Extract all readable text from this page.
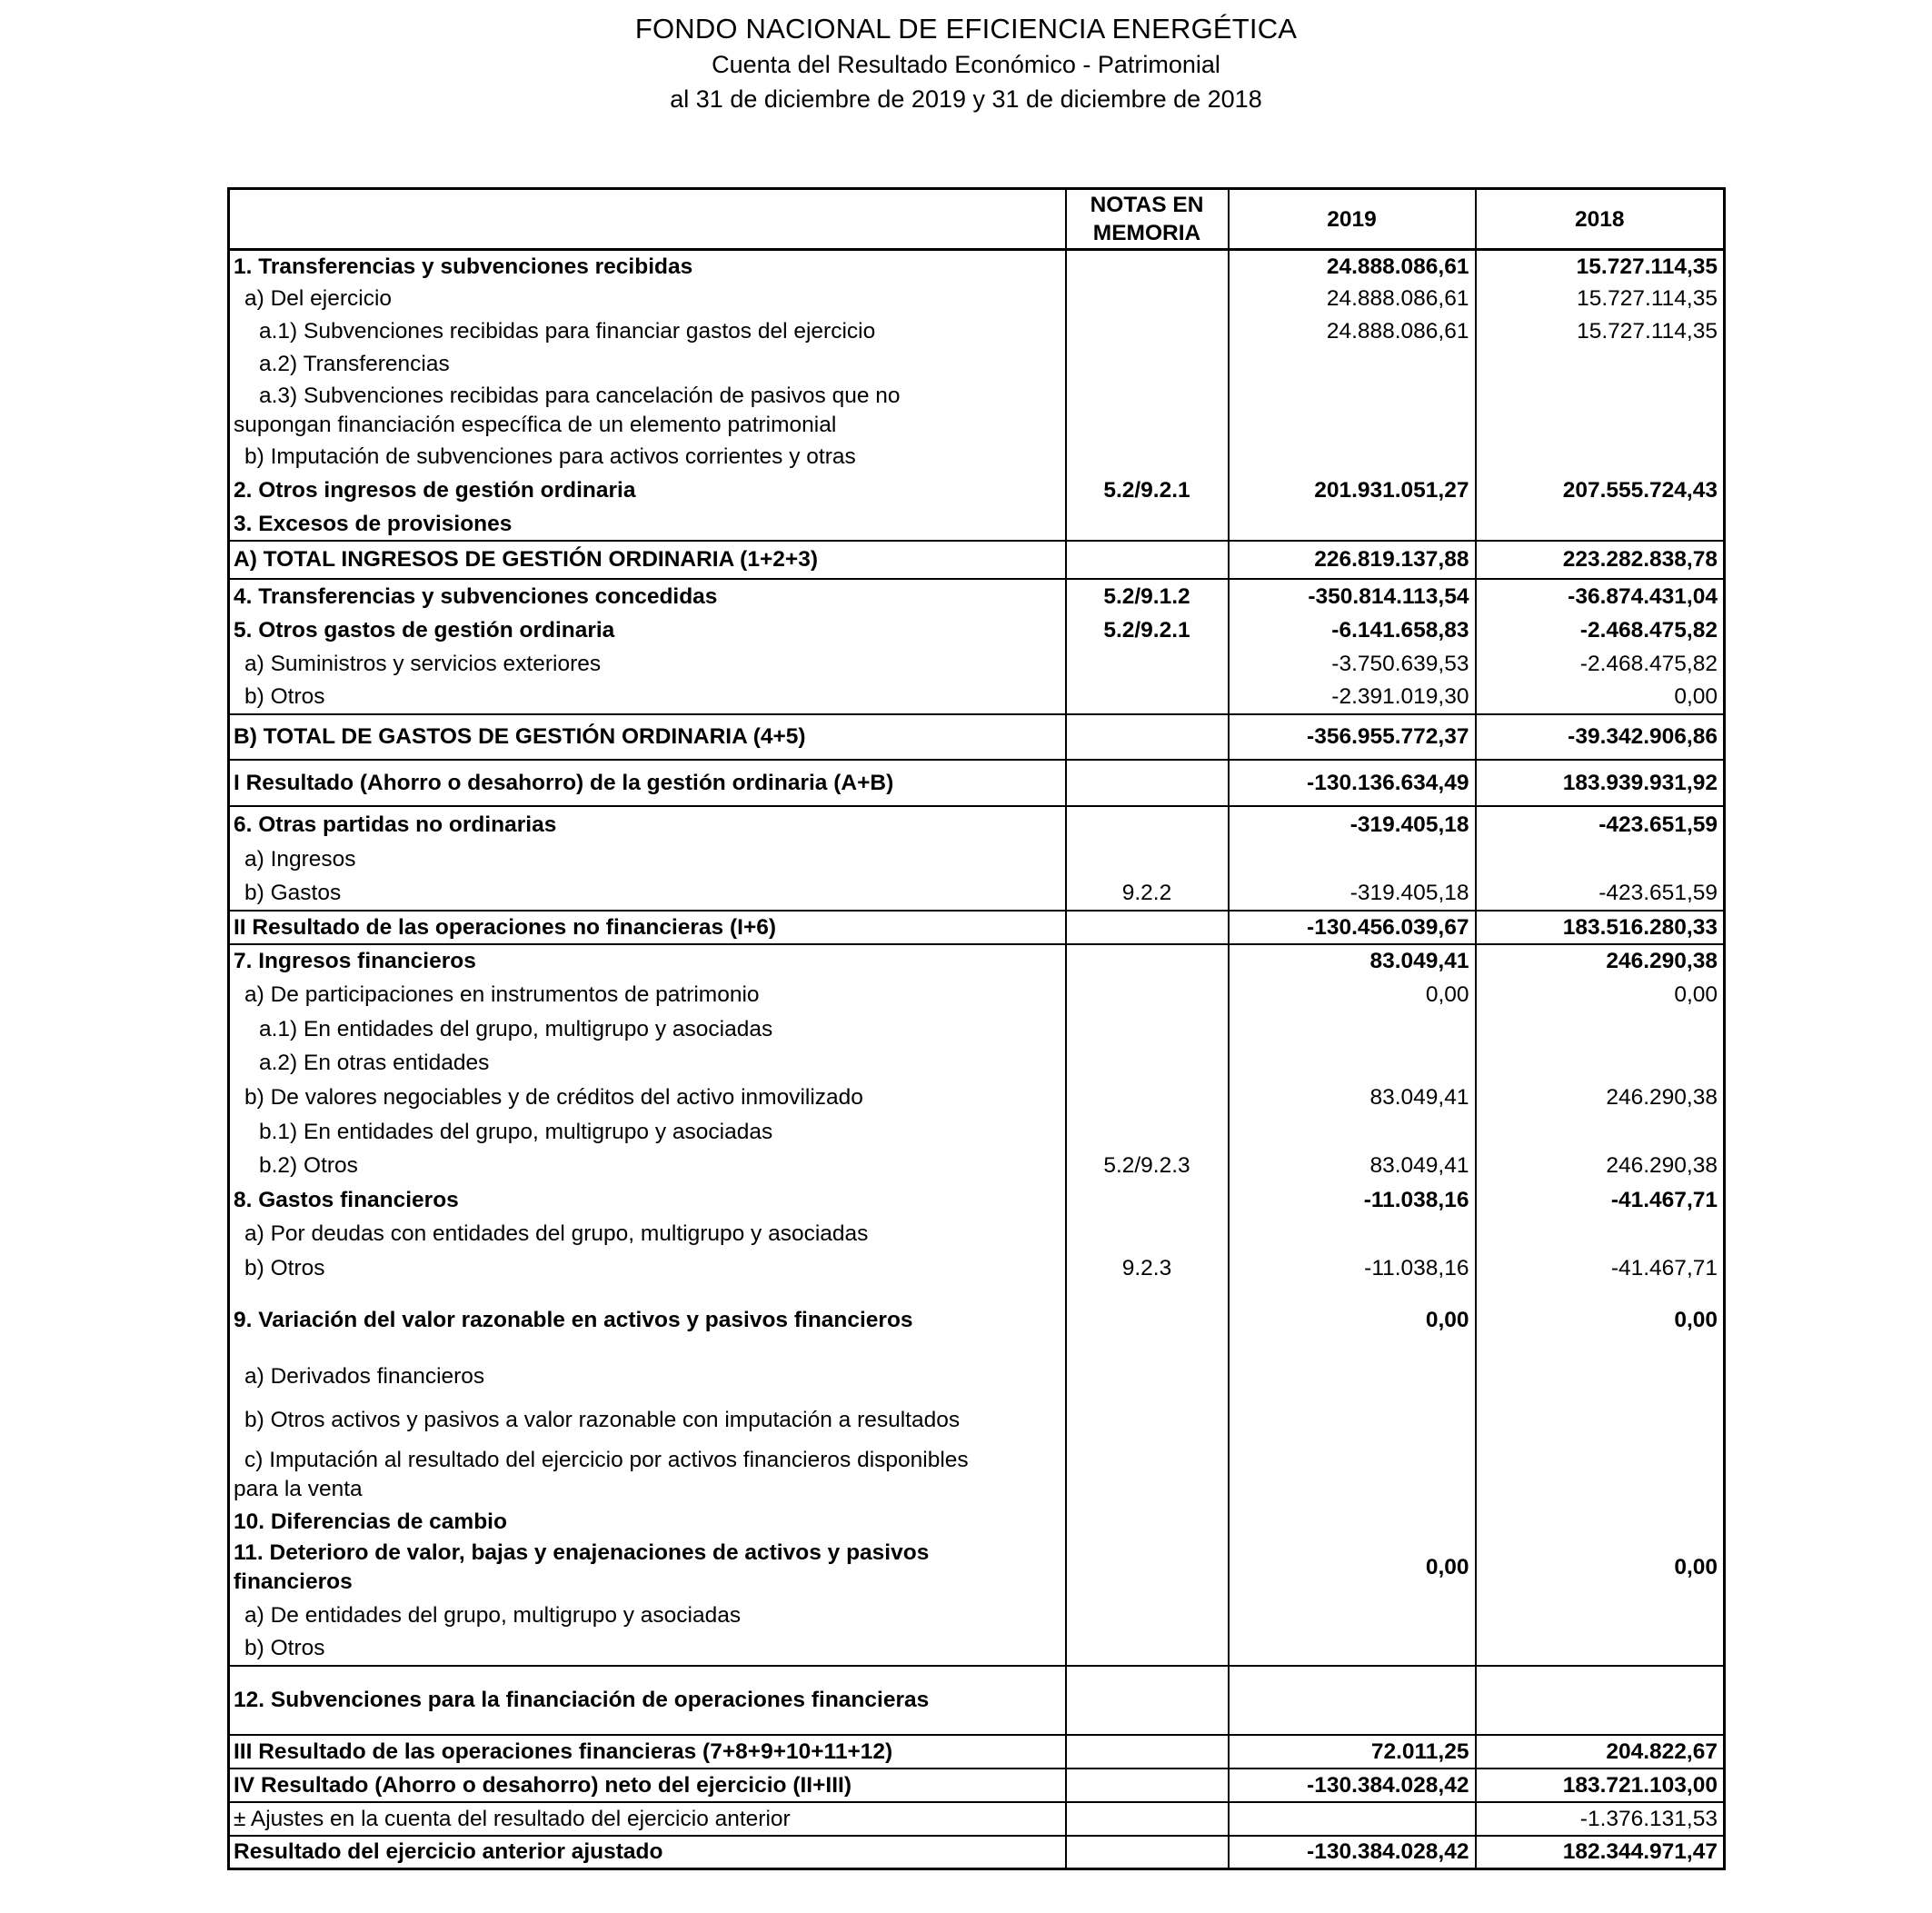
FONDO NACIONAL DE EFICIENCIA ENERGÉTICA
Cuenta del Resultado Económico - Patrimonial
al 31 de diciembre de 2019 y 31 de diciembre de 2018
	NOTAS EN MEMORIA	2019	2018
1. Transferencias y subvenciones recibidas		24.888.086,61	15.727.114,35
a) Del ejercicio		24.888.086,61	15.727.114,35
a.1) Subvenciones recibidas para financiar gastos del ejercicio		24.888.086,61	15.727.114,35
a.2) Transferencias			

a.3) Subvenciones recibidas para cancelación de pasivos que no
supongan financiación específica de un elemento patrimonial			

b) Imputación de subvenciones para activos corrientes y otras			
2. Otros ingresos de gestión ordinaria	5.2/9.2.1	201.931.051,27	207.555.724,43
3. Excesos de provisiones			
A) TOTAL INGRESOS DE GESTIÓN ORDINARIA (1+2+3)		226.819.137,88	223.282.838,78
4. Transferencias y subvenciones concedidas	5.2/9.1.2	-350.814.113,54	-36.874.431,04
5. Otros gastos de gestión ordinaria	5.2/9.2.1	-6.141.658,83	-2.468.475,82
a) Suministros y servicios exteriores		-3.750.639,53	-2.468.475,82
b) Otros		-2.391.019,30	0,00
B) TOTAL DE GASTOS DE GESTIÓN ORDINARIA (4+5)		-356.955.772,37	-39.342.906,86
I Resultado (Ahorro o desahorro) de la gestión ordinaria (A+B)		-130.136.634,49	183.939.931,92
6. Otras partidas no ordinarias		-319.405,18	-423.651,59
a) Ingresos			
b) Gastos	9.2.2	-319.405,18	-423.651,59
II Resultado de las operaciones no financieras (I+6)		-130.456.039,67	183.516.280,33
7. Ingresos financieros		83.049,41	246.290,38
a) De participaciones en instrumentos de patrimonio		0,00	0,00
a.1) En entidades del grupo, multigrupo y asociadas			
a.2) En otras entidades			
b) De valores negociables y de créditos del activo inmovilizado		83.049,41	246.290,38
b.1) En entidades del grupo, multigrupo y asociadas			
b.2) Otros	5.2/9.2.3	83.049,41	246.290,38
8. Gastos financieros		-11.038,16	-41.467,71
a) Por deudas con entidades del grupo, multigrupo y asociadas			
b) Otros	9.2.3	-11.038,16	-41.467,71
9. Variación del valor razonable en activos y pasivos financieros		0,00	0,00
a) Derivados financieros			
b) Otros activos y pasivos a valor razonable con imputación a resultados			

c) Imputación al resultado del ejercicio por activos financieros disponibles
para la venta			

10. Diferencias de cambio			

11. Deterioro de valor, bajas y enajenaciones de activos y pasivos
financieros		0,00	0,00
a) De entidades del grupo, multigrupo y asociadas			
b) Otros			
12. Subvenciones para la financiación de operaciones financieras			
III Resultado de las operaciones financieras (7+8+9+10+11+12)		72.011,25	204.822,67
IV Resultado (Ahorro o desahorro) neto del ejercicio (II+III)		-130.384.028,42	183.721.103,00
± Ajustes en la cuenta del resultado del ejercicio anterior			-1.376.131,53
Resultado del ejercicio anterior ajustado		-130.384.028,42	182.344.971,47
